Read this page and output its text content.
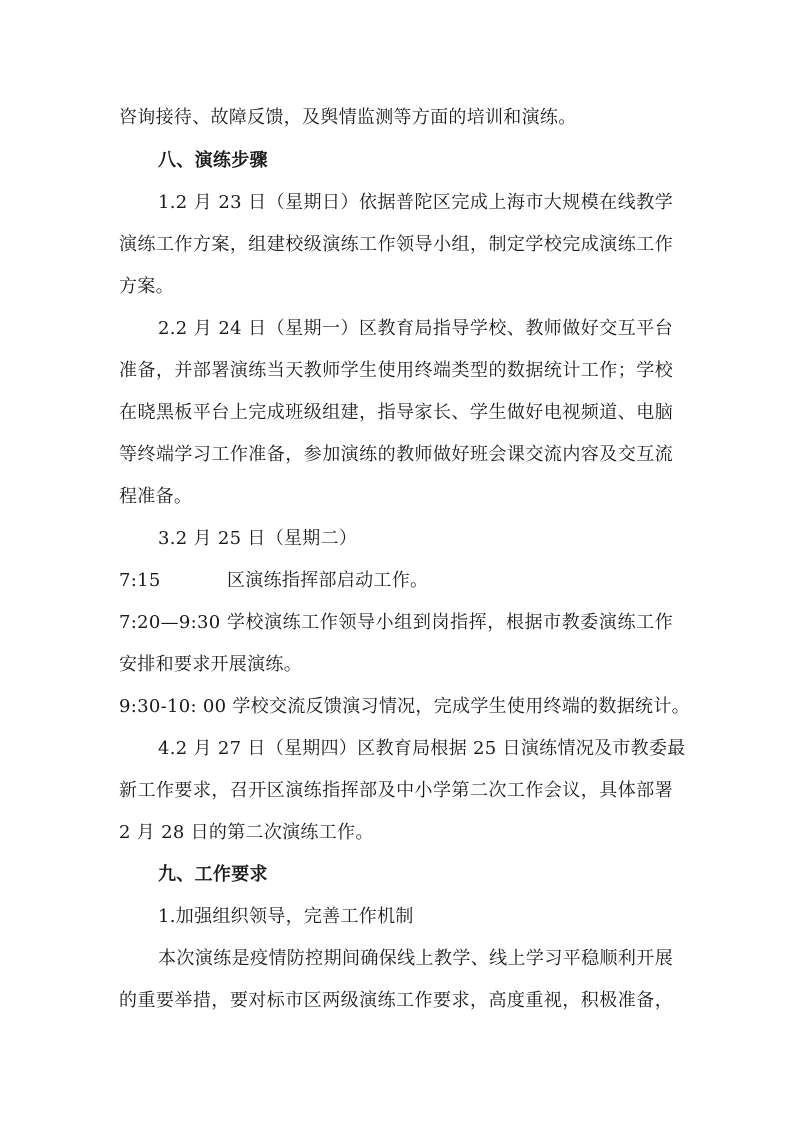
咨询接待、故障反馈，及舆情监测等方面的培训和演练。
八、演练步骤
1.2 月 23 日（星期日）依据普陀区完成上海市大规模在线教学
演练工作方案，组建校级演练工作领导小组，制定学校完成演练工作
方案。
2.2 月 24 日（星期一）区教育局指导学校、教师做好交互平台
准备，并部署演练当天教师学生使用终端类型的数据统计工作；学校
在晓黑板平台上完成班级组建，指导家长、学生做好电视频道、电脑
等终端学习工作准备，参加演练的教师做好班会课交流内容及交互流
程准备。
3.2 月 25 日（星期二）
7:15	区演练指挥部启动工作。
7:20—9:30 学校演练工作领导小组到岗指挥，根据市教委演练工作
安排和要求开展演练。
9:30-10: 00 学校交流反馈演习情况，完成学生使用终端的数据统计。
4.2 月 27 日（星期四）区教育局根据 25 日演练情况及市教委最
新工作要求，召开区演练指挥部及中小学第二次工作会议，具体部署
2 月 28 日的第二次演练工作。
九、工作要求
1.加强组织领导，完善工作机制
本次演练是疫情防控期间确保线上教学、线上学习平稳顺利开展
的重要举措，要对标市区两级演练工作要求，高度重视，积极准备，
